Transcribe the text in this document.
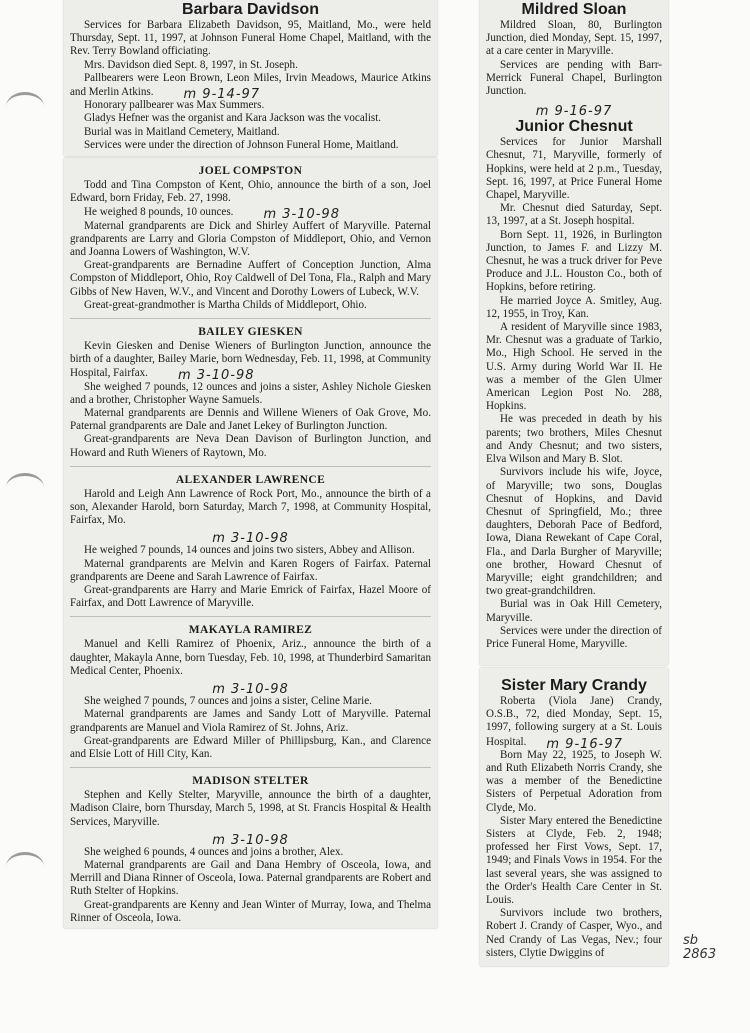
Barbara Davidson

Services for Barbara Elizabeth Davidson, 95, Maitland, Mo., were held Thursday, Sept. 11, 1997, at Johnson Funeral Home Chapel, Maitland, with the Rev. Terry Bowland officiating.

Mrs. Davidson died Sept. 8, 1997, in St. Joseph.

Pallbearers were Leon Brown, Leon Miles, Irvin Meadows, Maurice Atkins and Merlin Atkins. m 9-14-97

Honorary pallbearer was Max Summers.

Gladys Hefner was the organist and Kara Jackson was the vocalist.

Burial was in Maitland Cemetery, Maitland.

Services were under the direction of Johnson Funeral Home, Maitland.

JOEL COMPSTON

Todd and Tina Compston of Kent, Ohio, announce the birth of a son, Joel Edward, born Friday, Feb. 27, 1998.

He weighed 8 pounds, 10 ounces. m 3-10-98

Maternal grandparents are Dick and Shirley Auffert of Maryville. Paternal grandparents are Larry and Gloria Compston of Middleport, Ohio, and Vernon and Joanna Lowers of Washington, W.V.

Great-grandparents are Bernadine Auffert of Conception Junction, Alma Compston of Middleport, Ohio, Roy Caldwell of Del Tona, Fla., Ralph and Mary Gibbs of New Haven, W.V., and Vincent and Dorothy Lowers of Lubeck, W.V.

Great-great-grandmother is Martha Childs of Middleport, Ohio.

BAILEY GIESKEN

Kevin Giesken and Denise Wieners of Burlington Junction, announce the birth of a daughter, Bailey Marie, born Wednesday, Feb. 11, 1998, at Community Hospital, Fairfax. m 3-10-98

She weighed 7 pounds, 12 ounces and joins a sister, Ashley Nichole Giesken and a brother, Christopher Wayne Samuels.

Maternal grandparents are Dennis and Willene Wieners of Oak Grove, Mo. Paternal grandparents are Dale and Janet Lekey of Burlington Junction.

Great-grandparents are Neva Dean Davison of Burlington Junction, and Howard and Ruth Wieners of Raytown, Mo.

ALEXANDER LAWRENCE

Harold and Leigh Ann Lawrence of Rock Port, Mo., announce the birth of a son, Alexander Harold, born Saturday, March 7, 1998, at Community Hospital, Fairfax, Mo.

m 3-10-98

He weighed 7 pounds, 14 ounces and joins two sisters, Abbey and Allison.

Maternal grandparents are Melvin and Karen Rogers of Fairfax. Paternal grandparents are Deene and Sarah Lawrence of Fairfax.

Great-grandparents are Harry and Marie Emrick of Fairfax, Hazel Moore of Fairfax, and Dott Lawrence of Maryville.

MAKAYLA RAMIREZ

Manuel and Kelli Ramirez of Phoenix, Ariz., announce the birth of a daughter, Makayla Anne, born Tuesday, Feb. 10, 1998, at Thunderbird Samaritan Medical Center, Phoenix.

m 3-10-98

She weighed 7 pounds, 7 ounces and joins a sister, Celine Marie.

Maternal grandparents are James and Sandy Lott of Maryville. Paternal grandparents are Manuel and Viola Ramirez of St. Johns, Ariz.

Great-grandparents are Edward Miller of Phillipsburg, Kan., and Clarence and Elsie Lott of Hill City, Kan.

MADISON STELTER

Stephen and Kelly Stelter, Maryville, announce the birth of a daughter, Madison Claire, born Thursday, March 5, 1998, at St. Francis Hospital & Health Services, Maryville.

m 3-10-98

She weighed 6 pounds, 4 ounces and joins a brother, Alex.

Maternal grandparents are Gail and Dana Hembry of Osceola, Iowa, and Merrill and Diana Rinner of Osceola, Iowa. Paternal grandparents are Robert and Ruth Stelter of Hopkins.

Great-grandparents are Kenny and Jean Winter of Murray, Iowa, and Thelma Rinner of Osceola, Iowa.

Mildred Sloan

Mildred Sloan, 80, Burlington Junction, died Monday, Sept. 15, 1997, at a care center in Maryville.

Services are pending with Barr-Merrick Funeral Chapel, Burlington Junction.

m 9-16-97
Junior Chesnut

Services for Junior Marshall Chesnut, 71, Maryville, formerly of Hopkins, were held at 2 p.m., Tuesday, Sept. 16, 1997, at Price Funeral Home Chapel, Maryville.

Mr. Chesnut died Saturday, Sept. 13, 1997, at a St. Joseph hospital.

Born Sept. 11, 1926, in Burlington Junction, to James F. and Lizzy M. Chesnut, he was a truck driver for Peve Produce and J.L. Houston Co., both of Hopkins, before retiring.

He married Joyce A. Smitley, Aug. 12, 1955, in Troy, Kan.

A resident of Maryville since 1983, Mr. Chesnut was a graduate of Tarkio, Mo., High School. He served in the U.S. Army during World War II. He was a member of the Glen Ulmer American Legion Post No. 288, Hopkins.

He was preceded in death by his parents; two brothers, Miles Chesnut and Andy Chesnut; and two sisters, Elva Wilson and Mary B. Slot.

Survivors include his wife, Joyce, of Maryville; two sons, Douglas Chesnut of Hopkins, and David Chesnut of Springfield, Mo.; three daughters, Deborah Pace of Bedford, Iowa, Diana Rewekant of Cape Coral, Fla., and Darla Burgher of Maryville; one brother, Howard Chesnut of Maryville; eight grandchildren; and two great-grandchildren.

Burial was in Oak Hill Cemetery, Maryville.

Services were under the direction of Price Funeral Home, Maryville.

Sister Mary Crandy

Roberta (Viola Jane) Crandy, O.S.B., 72, died Monday, Sept. 15, 1997, following surgery at a St. Louis Hospital. m 9-16-97

Born May 22, 1925, to Joseph W. and Ruth Elizabeth Norris Crandy, she was a member of the Benedictine Sisters of Perpetual Adoration from Clyde, Mo.

Sister Mary entered the Benedictine Sisters at Clyde, Feb. 2, 1948; professed her First Vows, Sept. 17, 1949; and Finals Vows in 1954. For the last several years, she was assigned to the Order's Health Care Center in St. Louis.

Survivors include two brothers, Robert J. Crandy of Casper, Wyo., and Ned Crandy of Las Vegas, Nev.; four sisters, Clytie Dwiggins of

sb
2863
